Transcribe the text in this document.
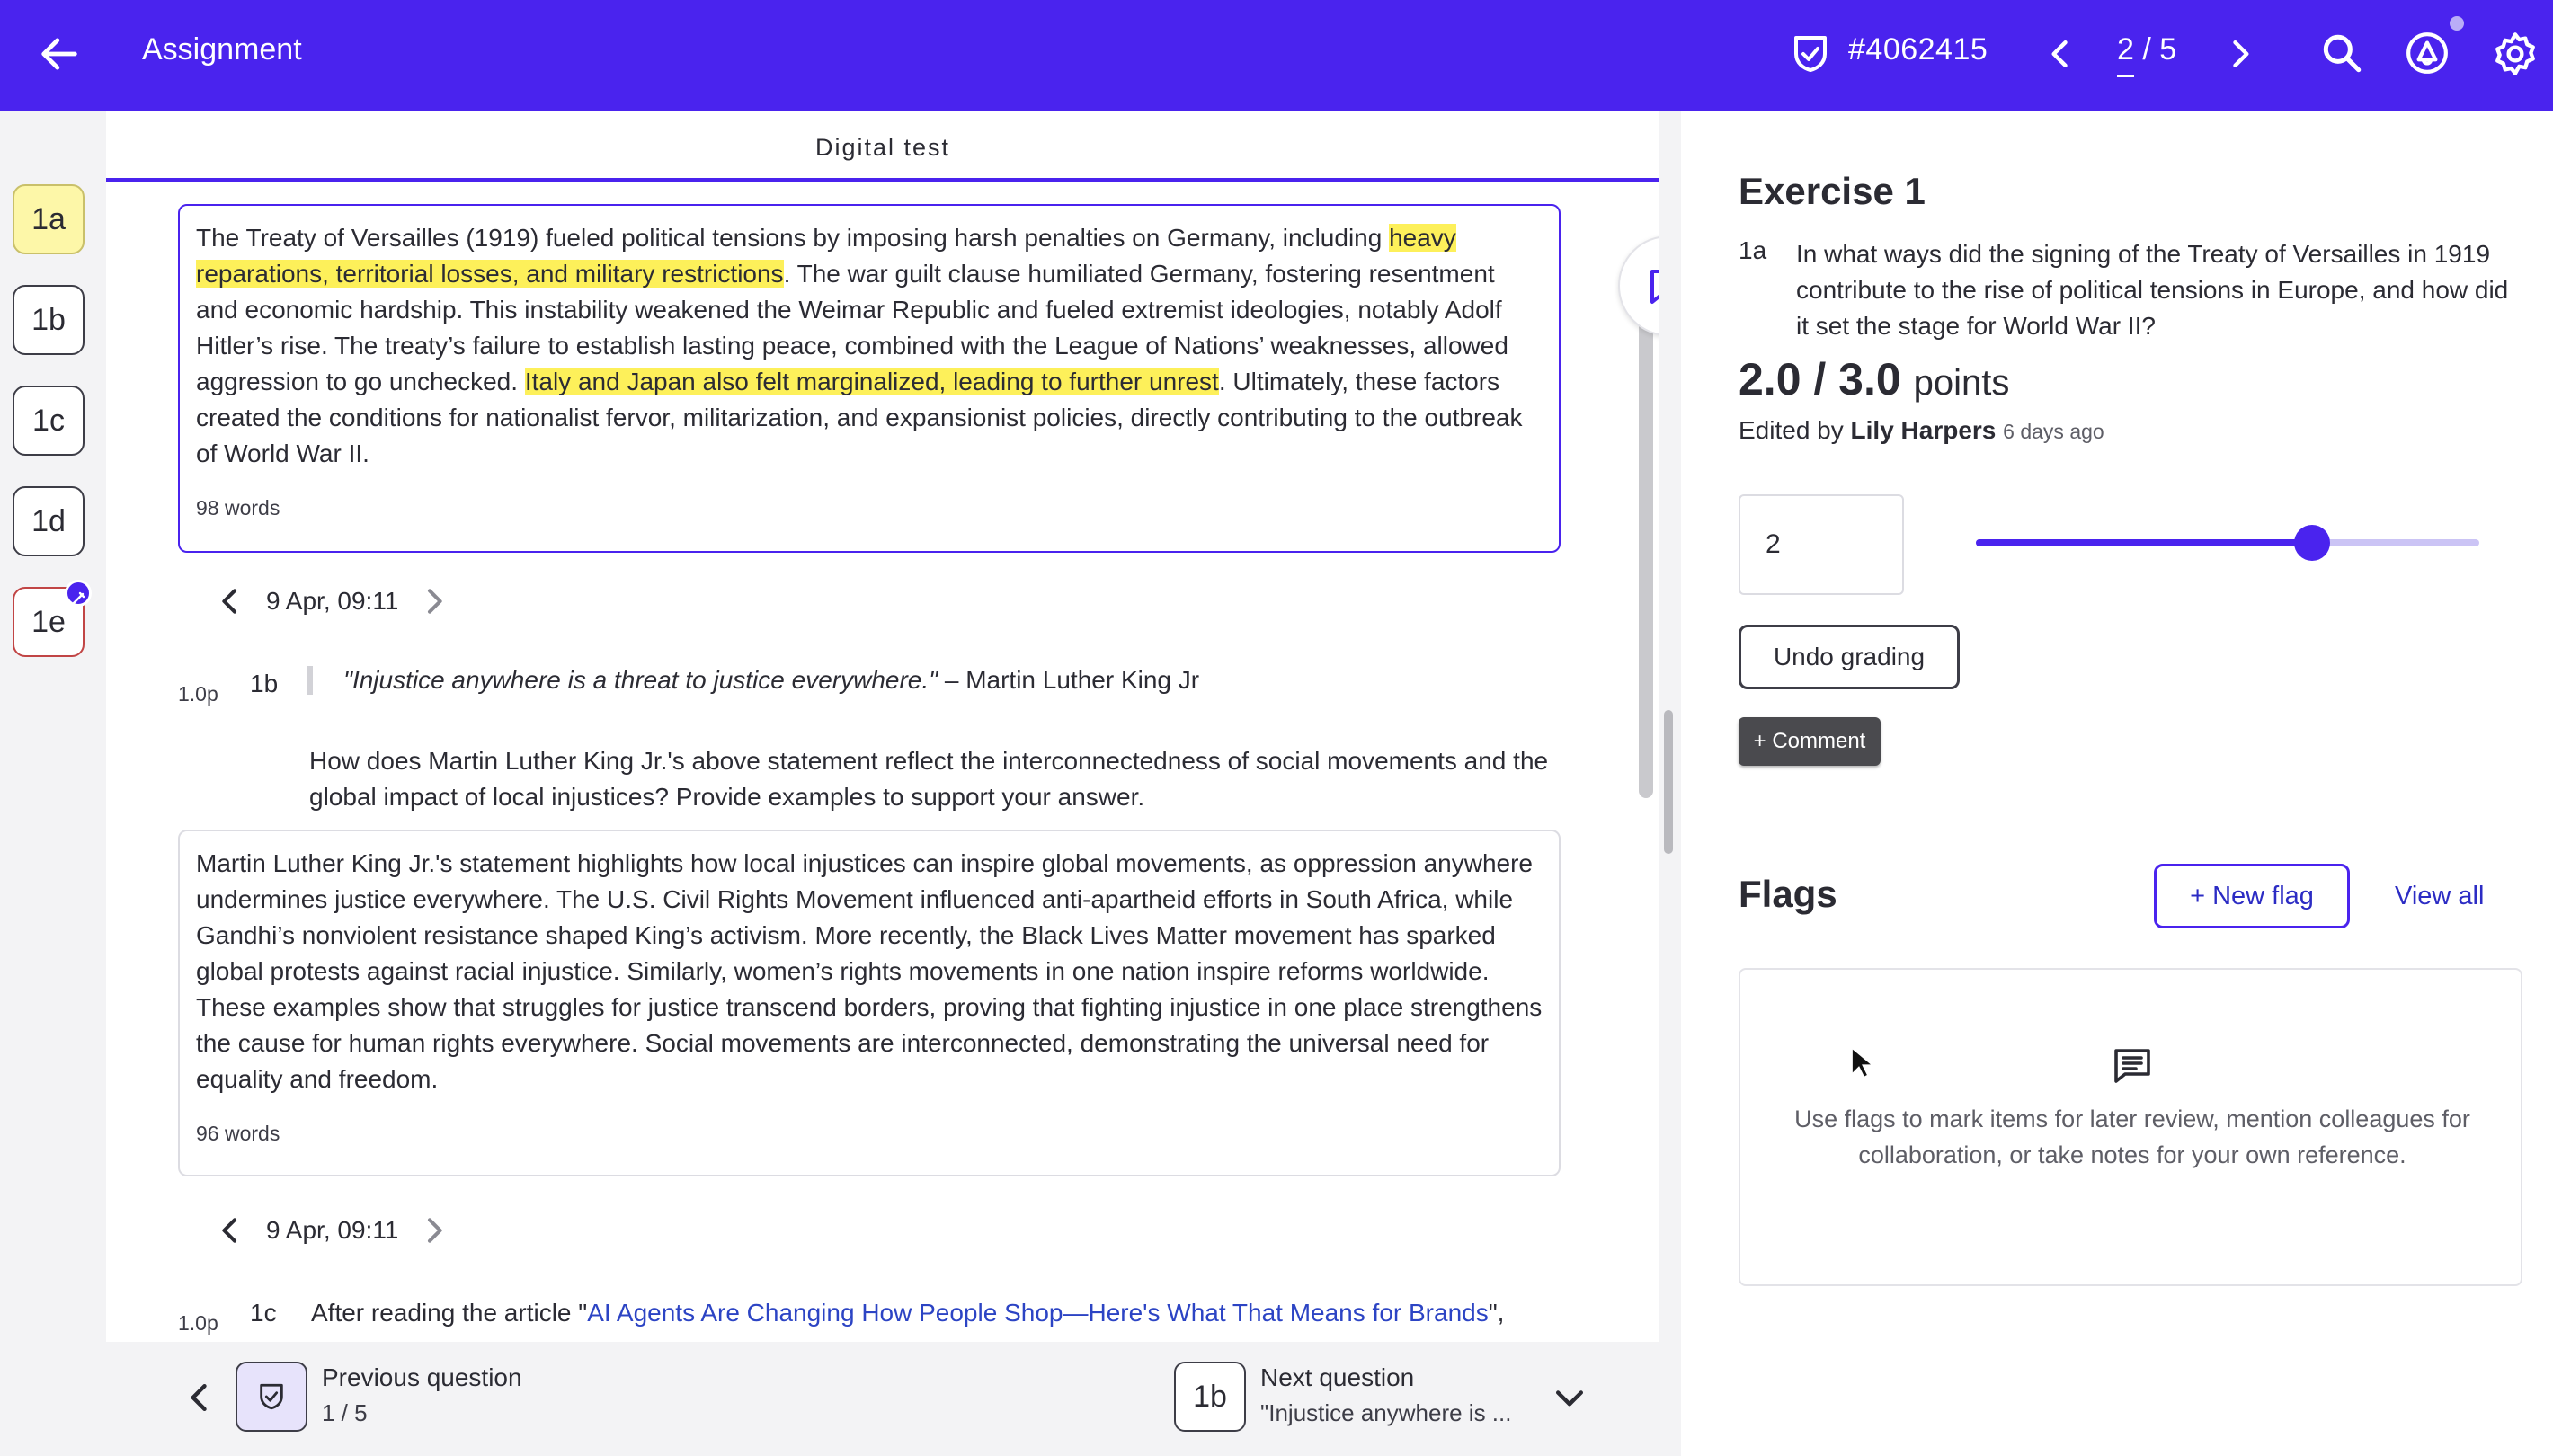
Assignment	#4062415	2 / 5
1a
1b
1c
1d
1e
Digital test
The Treaty of Versailles (1919) fueled political tensions by imposing harsh penalties on Germany, including heavy reparations, territorial losses, and military restrictions. The war guilt clause humiliated Germany, fostering resentment and economic hardship. This instability weakened the Weimar Republic and fueled extremist ideologies, notably Adolf Hitler’s rise. The treaty’s failure to establish lasting peace, combined with the League of Nations’ weaknesses, allowed aggression to go unchecked. Italy and Japan also felt marginalized, leading to further unrest. Ultimately, these factors created the conditions for nationalist fervor, militarization, and expansionist policies, directly contributing to the outbreak of World War II.
98 words
9 Apr, 09:11
1.0p 1b	"Injustice anywhere is a threat to justice everywhere." – Martin Luther King Jr
How does Martin Luther King Jr.'s above statement reflect the interconnectedness of social movements and the global impact of local injustices? Provide examples to support your answer.
Martin Luther King Jr.'s statement highlights how local injustices can inspire global movements, as oppression anywhere undermines justice everywhere. The U.S. Civil Rights Movement influenced anti-apartheid efforts in South Africa, while Gandhi’s nonviolent resistance shaped King’s activism. More recently, the Black Lives Matter movement has sparked global protests against racial injustice. Similarly, women’s rights movements in one nation inspire reforms worldwide. These examples show that struggles for justice transcend borders, proving that fighting injustice in one place strengthens the cause for human rights everywhere. Social movements are interconnected, demonstrating the universal need for equality and freedom.
96 words
9 Apr, 09:11
1.0p 1c After reading the article "AI Agents Are Changing How People Shop—Here's What That Means for Brands",
Previous question
1 / 5	1b
Next question
"Injustice anywhere is ...
Exercise 1
1a In what ways did the signing of the Treaty of Versailles in 1919 contribute to the rise of political tensions in Europe, and how did it set the stage for World War II?
2.0 / 3.0 points
Edited by Lily Harpers 6 days ago
2
Undo grading
+ Comment
Flags	+ New flag	View all
Use flags to mark items for later review, mention colleagues for collaboration, or take notes for your own reference.
